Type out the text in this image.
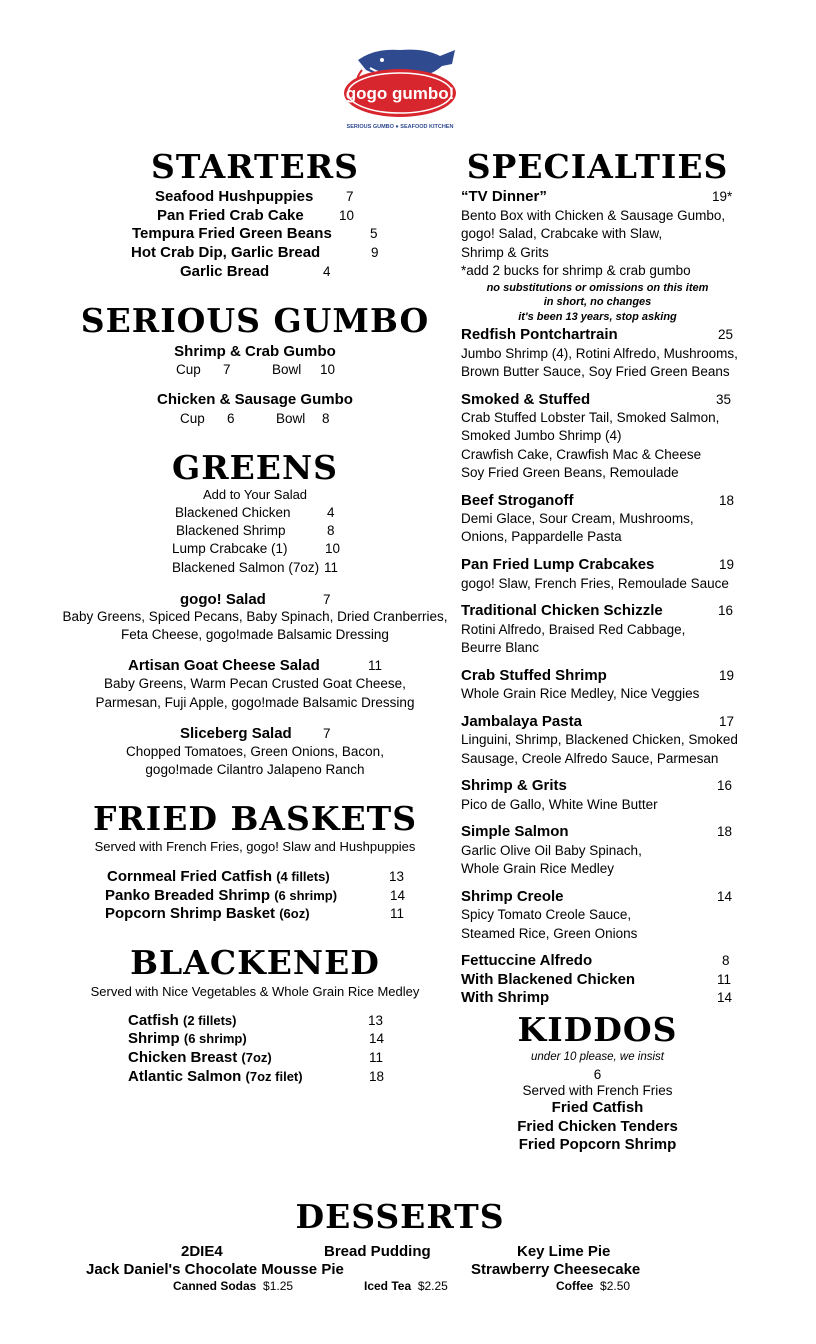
gogo gumbo!
SERIOUS GUMBO ● SEAFOOD KITCHEN
STARTERS
Seafood Hushpuppies 7
Pan Fried Crab Cake	10
Tempura Fried Green Beans	5
Hot Crab Dip, Garlic Bread	9
Garlic Bread	4
SERIOUS GUMBO
Shrimp & Crab Gumbo
Cup 7	Bowl 10
Chicken & Sausage Gumbo
Cup 6	Bowl 8
GREENS
Add to Your Salad
Blackened Chicken	4
Blackened Shrimp	8
Lump Crabcake (1)	10
Blackened Salmon (7oz) 11
gogo! Salad	7
Baby Greens, Spiced Pecans, Baby Spinach, Dried Cranberries,
Feta Cheese, gogo!made Balsamic Dressing
Artisan Goat Cheese Salad	11
Baby Greens, Warm Pecan Crusted Goat Cheese,
Parmesan, Fuji Apple, gogo!made Balsamic Dressing
Sliceberg Salad 7
Chopped Tomatoes, Green Onions, Bacon,
gogo!made Cilantro Jalapeno Ranch
FRIED BASKETS
Served with French Fries, gogo! Slaw and Hushpuppies
Cornmeal Fried Catfish (4 fillets)	13
Panko Breaded Shrimp (6 shrimp)	14
Popcorn Shrimp Basket (6oz)	11
BLACKENED
Served with Nice Vegetables & Whole Grain Rice Medley
Catfish (2 fillets)	13
Shrimp (6 shrimp)	14
Chicken Breast (7oz)	11
Atlantic Salmon (7oz filet)	18
SPECIALTIES
“TV Dinner”	19*
Bento Box with Chicken & Sausage Gumbo,
gogo! Salad, Crabcake with Slaw,
Shrimp & Grits
*add 2 bucks for shrimp & crab gumbo
no substitutions or omissions on this item
in short, no changes
it's been 13 years, stop asking
Redfish Pontchartrain	25
Jumbo Shrimp (4), Rotini Alfredo, Mushrooms,
Brown Butter Sauce, Soy Fried Green Beans
Smoked & Stuffed	35
Crab Stuffed Lobster Tail, Smoked Salmon,
Smoked Jumbo Shrimp (4)
Crawfish Cake, Crawfish Mac & Cheese
Soy Fried Green Beans, Remoulade
Beef Stroganoff	18
Demi Glace, Sour Cream, Mushrooms,
Onions, Pappardelle Pasta
Pan Fried Lump Crabcakes	19
gogo! Slaw, French Fries, Remoulade Sauce
Traditional Chicken Schizzle	16
Rotini Alfredo, Braised Red Cabbage,
Beurre Blanc
Crab Stuffed Shrimp	19
Whole Grain Rice Medley, Nice Veggies
Jambalaya Pasta	17
Linguini, Shrimp, Blackened Chicken, Smoked
Sausage, Creole Alfredo Sauce, Parmesan
Shrimp & Grits	16
Pico de Gallo, White Wine Butter
Simple Salmon	18
Garlic Olive Oil Baby Spinach,
Whole Grain Rice Medley
Shrimp Creole	14
Spicy Tomato Creole Sauce,
Steamed Rice, Green Onions
Fettuccine Alfredo	8
With Blackened Chicken	11
With Shrimp	14
KIDDOS
under 10 please, we insist
6
Served with French Fries
Fried Catfish
Fried Chicken Tenders
Fried Popcorn Shrimp
DESSERTS
2DIE4	Bread Pudding	Key Lime Pie
Jack Daniel's Chocolate Mousse Pie	Strawberry Cheesecake
Canned Sodas $1.25	Iced Tea $2.25	Coffee $2.50
